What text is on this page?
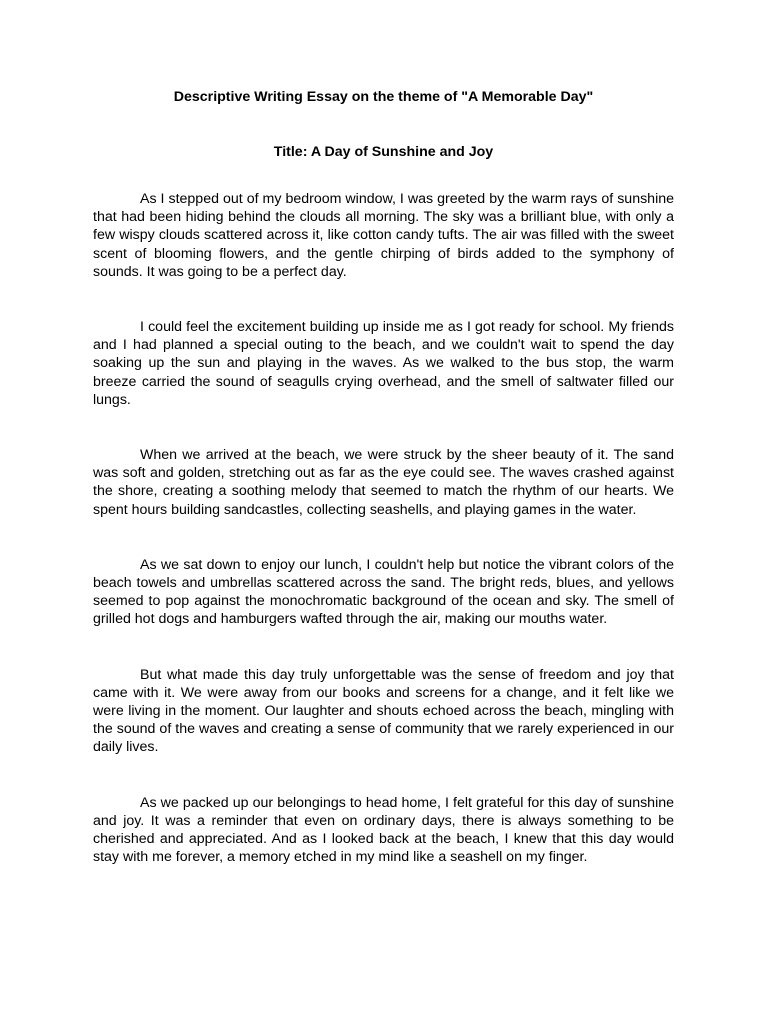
Descriptive Writing Essay on the theme of "A Memorable Day"
Title: A Day of Sunshine and Joy

As I stepped out of my bedroom window, I was greeted by the warm rays of sunshine that had been hiding behind the clouds all morning. The sky was a brilliant blue, with only a few wispy clouds scattered across it, like cotton candy tufts. The air was filled with the sweet scent of blooming flowers, and the gentle chirping of birds added to the symphony of sounds. It was going to be a perfect day.

I could feel the excitement building up inside me as I got ready for school. My friends and I had planned a special outing to the beach, and we couldn't wait to spend the day soaking up the sun and playing in the waves. As we walked to the bus stop, the warm breeze carried the sound of seagulls crying overhead, and the smell of saltwater filled our lungs.

When we arrived at the beach, we were struck by the sheer beauty of it. The sand was soft and golden, stretching out as far as the eye could see. The waves crashed against the shore, creating a soothing melody that seemed to match the rhythm of our hearts. We spent hours building sandcastles, collecting seashells, and playing games in the water.

As we sat down to enjoy our lunch, I couldn't help but notice the vibrant colors of the beach towels and umbrellas scattered across the sand. The bright reds, blues, and yellows seemed to pop against the monochromatic background of the ocean and sky. The smell of grilled hot dogs and hamburgers wafted through the air, making our mouths water.

But what made this day truly unforgettable was the sense of freedom and joy that came with it. We were away from our books and screens for a change, and it felt like we were living in the moment. Our laughter and shouts echoed across the beach, mingling with the sound of the waves and creating a sense of community that we rarely experienced in our daily lives.

As we packed up our belongings to head home, I felt grateful for this day of sunshine and joy. It was a reminder that even on ordinary days, there is always something to be cherished and appreciated. And as I looked back at the beach, I knew that this day would stay with me forever, a memory etched in my mind like a seashell on my finger.
